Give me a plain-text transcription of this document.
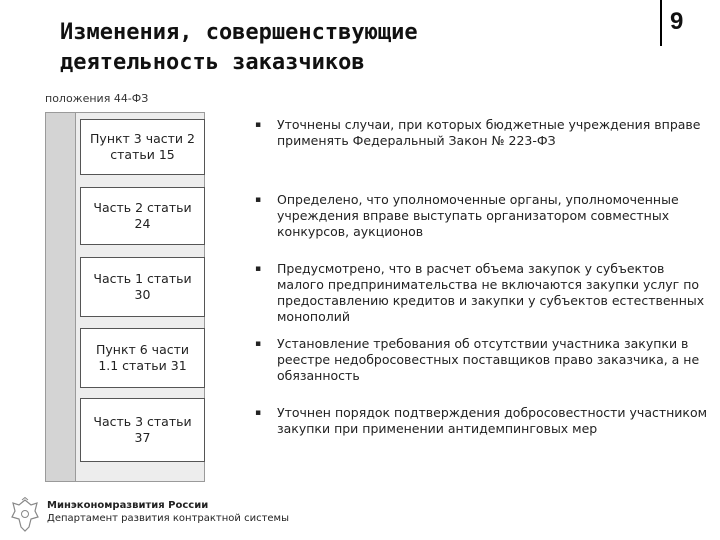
Изменения, совершенствующие деятельность заказчиков
положения 44-ФЗ
9
Пункт 3 части 2 статьи 15
Часть 2 статьи 24
Часть 1 статьи 30
Пункт 6 части 1.1 статьи 31
Часть 3 статьи 37
▪	Уточнены случаи, при которых бюджетные учреждения вправе применять Федеральный Закон № 223-ФЗ
▪	Определено, что уполномоченные органы, уполномоченные учреждения вправе выступать организатором совместных конкурсов, аукционов
▪	Предусмотрено, что в расчет объема закупок у субъектов малого предпринимательства не включаются закупки услуг по предоставлению кредитов и закупки у субъектов естественных монополий
▪	Установление требования об отсутствии участника закупки в реестре недобросовестных поставщиков право заказчика, а не обязанность
▪	Уточнен порядок подтверждения добросовестности участником закупки при применении антидемпинговых мер
Минэкономразвития России
Департамент развития контрактной системы
